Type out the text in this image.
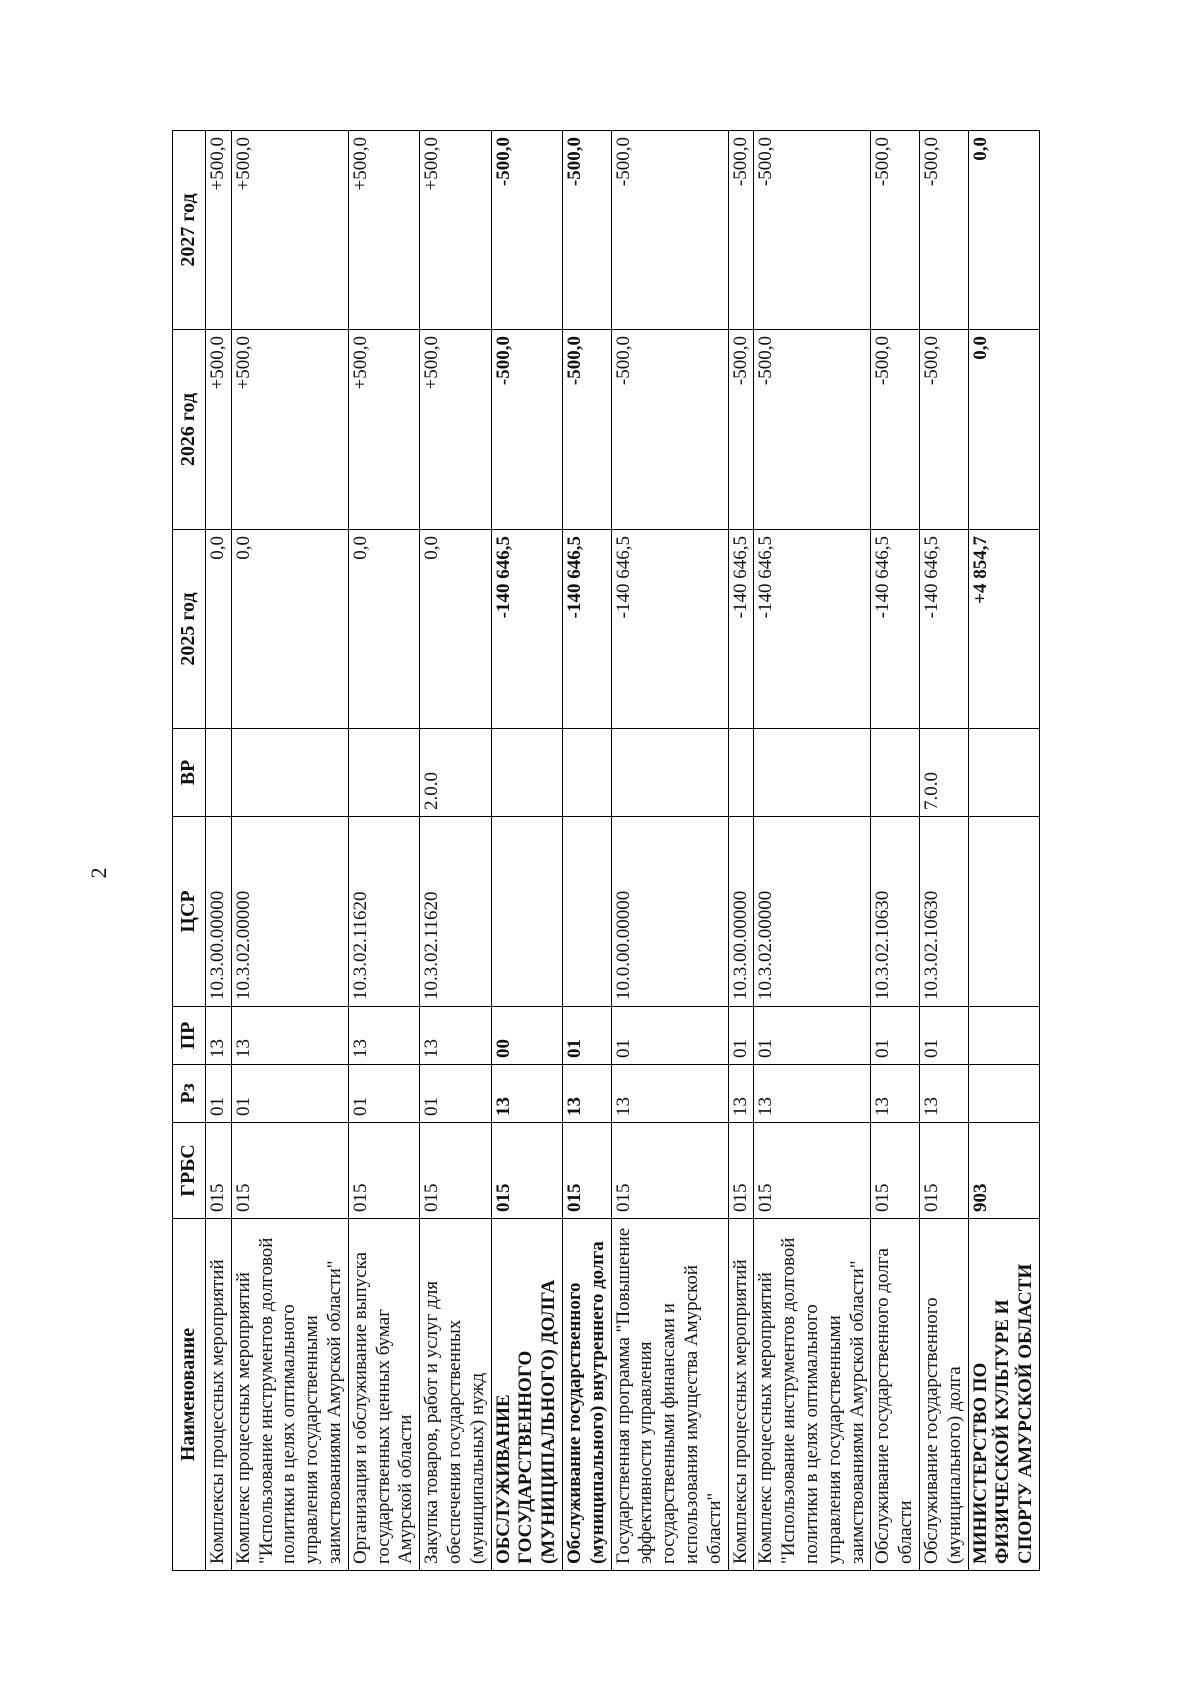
2
Наименование	ГРБС	Рз	ПР	ЦСР	ВР	2025 год	2026 год	2027 год
Комплексы процессных мероприятий	015	01	13	10.3.00.00000		0,0	+500,0	+500,0
Комплекс процессных мероприятий "Использование инструментов долговой политики в целях оптимального управления государственными заимствованиями Амурской области"	015	01	13	10.3.02.00000		0,0	+500,0	+500,0
Организация и обслуживание выпуска государственных ценных бумаг Амурской области	015	01	13	10.3.02.11620		0,0	+500,0	+500,0
Закупка товаров, работ и услуг для обеспечения государственных (муниципальных) нужд	015	01	13	10.3.02.11620	2.0.0	0,0	+500,0	+500,0
ОБСЛУЖИВАНИЕ ГОСУДАРСТВЕННОГО (МУНИЦИПАЛЬНОГО) ДОЛГА	015	13	00			-140 646,5	-500,0	-500,0
Обслуживание государственного (муниципального) внутреннего долга	015	13	01			-140 646,5	-500,0	-500,0
Государственная программа "Повышение эффективности управления государственными финансами и использования имущества Амурской области"	015	13	01	10.0.00.00000		-140 646,5	-500,0	-500,0
Комплексы процессных мероприятий	015	13	01	10.3.00.00000		-140 646,5	-500,0	-500,0
Комплекс процессных мероприятий "Использование инструментов долговой политики в целях оптимального управления государственными заимствованиями Амурской области"	015	13	01	10.3.02.00000		-140 646,5	-500,0	-500,0
Обслуживание государственного долга области	015	13	01	10.3.02.10630		-140 646,5	-500,0	-500,0
Обслуживание государственного (муниципального) долга	015	13	01	10.3.02.10630	7.0.0	-140 646,5	-500,0	-500,0
МИНИСТЕРСТВО ПО ФИЗИЧЕСКОЙ КУЛЬТУРЕ И СПОРТУ АМУРСКОЙ ОБЛАСТИ	903					+4 854,7	0,0	0,0
